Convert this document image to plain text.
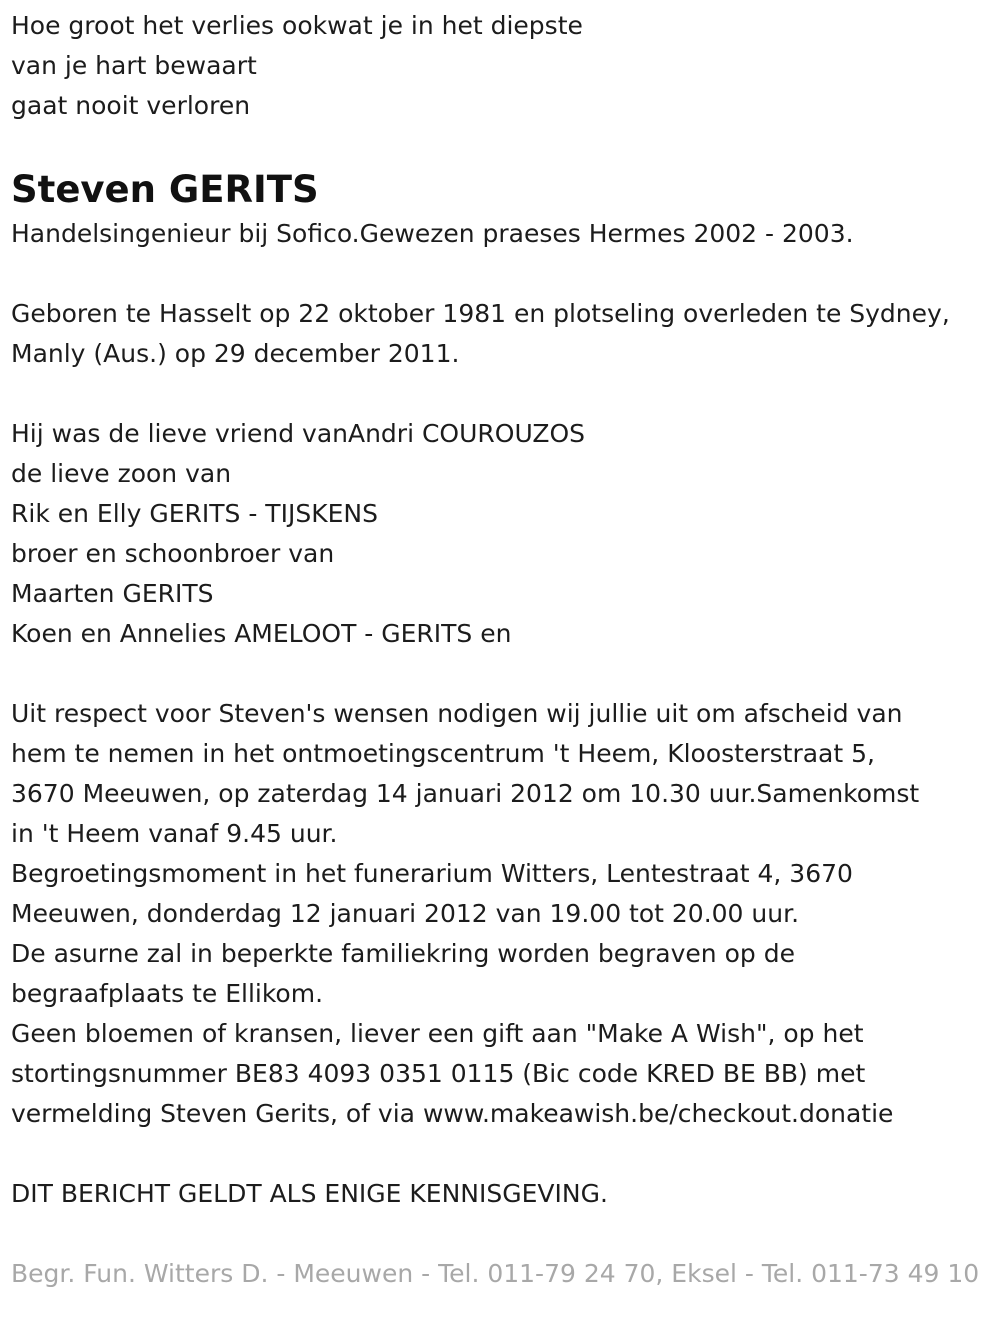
Hoe groot het verlies ookwat je in het diepste
van je hart bewaart
gaat nooit verloren
Steven GERITS
Handelsingenieur bij Sofico.Gewezen praeses Hermes 2002 - 2003.
Geboren te Hasselt op 22 oktober 1981 en plotseling overleden te Sydney,
Manly (Aus.) op 29 december 2011.
Hij was de lieve vriend vanAndri COUROUZOS
de lieve zoon van
Rik en Elly GERITS - TIJSKENS
broer en schoonbroer van
Maarten GERITS
Koen en Annelies AMELOOT - GERITS en
Uit respect voor Steven's wensen nodigen wij jullie uit om afscheid van
hem te nemen in het ontmoetingscentrum 't Heem, Kloosterstraat 5,
3670 Meeuwen, op zaterdag 14 januari 2012 om 10.30 uur.Samenkomst
in 't Heem vanaf 9.45 uur.
Begroetingsmoment in het funerarium Witters, Lentestraat 4, 3670
Meeuwen, donderdag 12 januari 2012 van 19.00 tot 20.00 uur.
De asurne zal in beperkte familiekring worden begraven op de
begraafplaats te Ellikom.
Geen bloemen of kransen, liever een gift aan "Make A Wish", op het
stortingsnummer BE83 4093 0351 0115 (Bic code KRED BE BB) met
vermelding Steven Gerits, of via www.makeawish.be/checkout.donatie
DIT BERICHT GELDT ALS ENIGE KENNISGEVING.
Begr. Fun. Witters D. - Meeuwen - Tel. 011-79 24 70, Eksel - Tel. 011-73 49 10
